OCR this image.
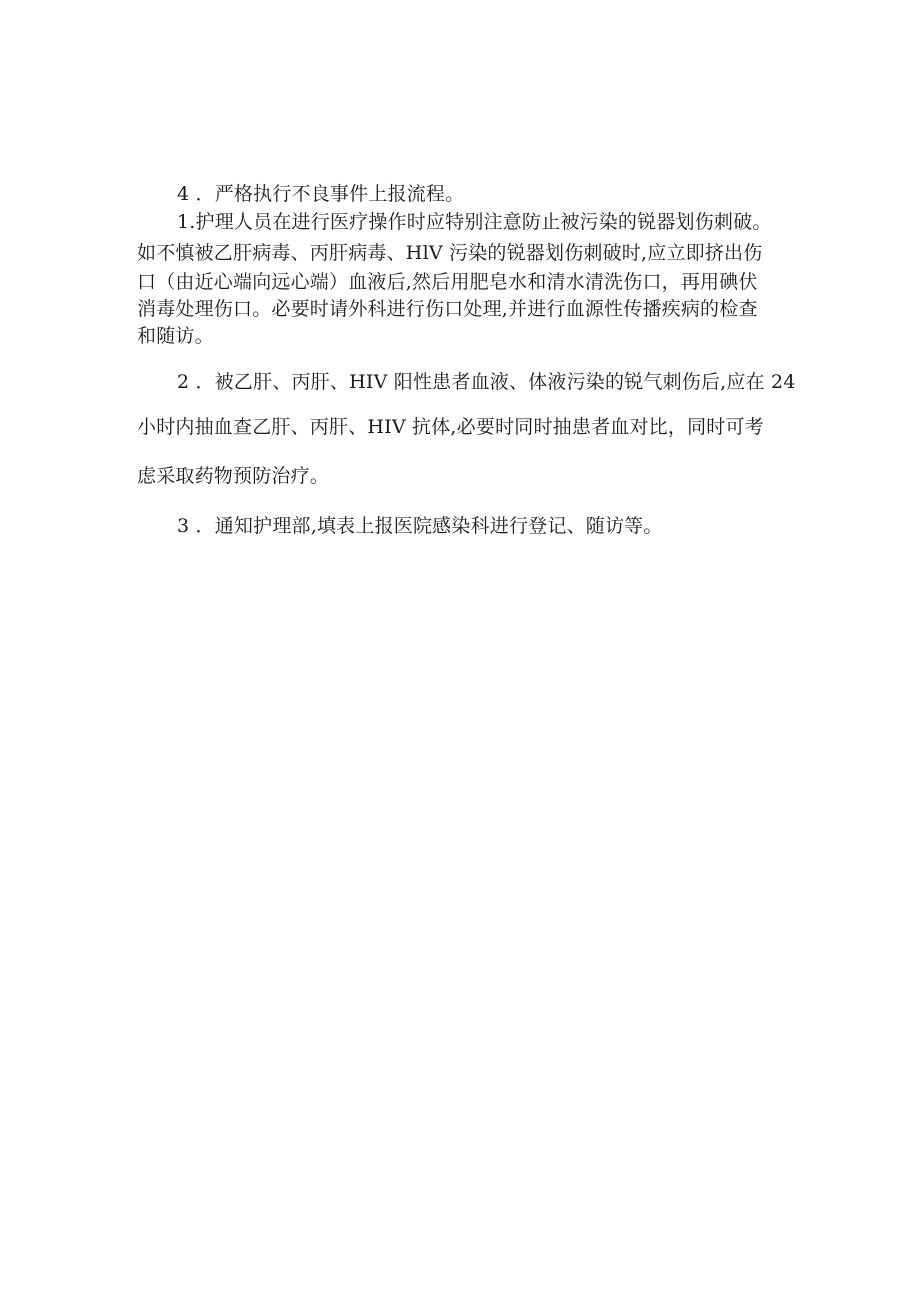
4 ．严格执行不良事件上报流程。
1.护理人员在进行医疗操作时应特别注意防止被污染的锐器划伤刺破。
如不慎被乙肝病毒、丙肝病毒、HlV 污染的锐器划伤刺破时,应立即挤出伤
口（由近心端向远心端）血液后,然后用肥皂水和清水清洗伤口，再用碘伏
消毒处理伤口。必要时请外科进行伤口处理,并进行血源性传播疾病的检查
和随访。
2 ．被乙肝、丙肝、HIV 阳性患者血液、体液污染的锐气刺伤后,应在 24
小时内抽血查乙肝、丙肝、HIV 抗体,必要时同时抽患者血对比，同时可考
虑采取药物预防治疗。
3 ．通知护理部,填表上报医院感染科进行登记、随访等。
